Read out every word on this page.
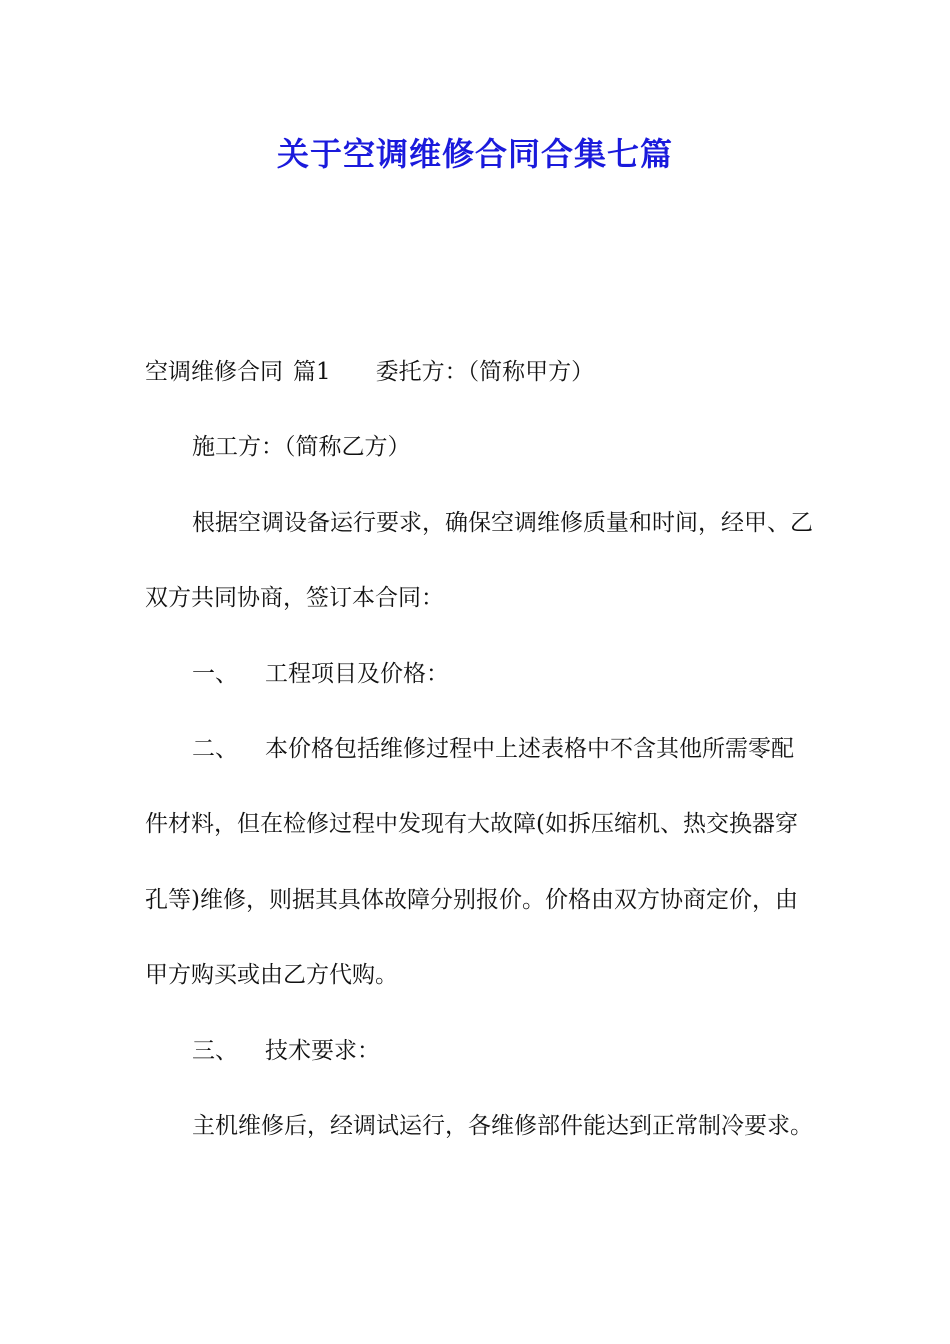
关于空调维修合同合集七篇

空调维修合同 篇1 委托方：（简称甲方）

施工方：（简称乙方）

根据空调设备运行要求，确保空调维修质量和时间，经甲、乙双方共同协商，签订本合同：

一、 工程项目及价格：

二、 本价格包括维修过程中上述表格中不含其他所需零配件材料，但在检修过程中发现有大故障(如拆压缩机、热交换器穿孔等)维修，则据其具体故障分别报价。价格由双方协商定价，由甲方购买或由乙方代购。

三、 技术要求：

主机维修后，经调试运行，各维修部件能达到正常制冷要求。
